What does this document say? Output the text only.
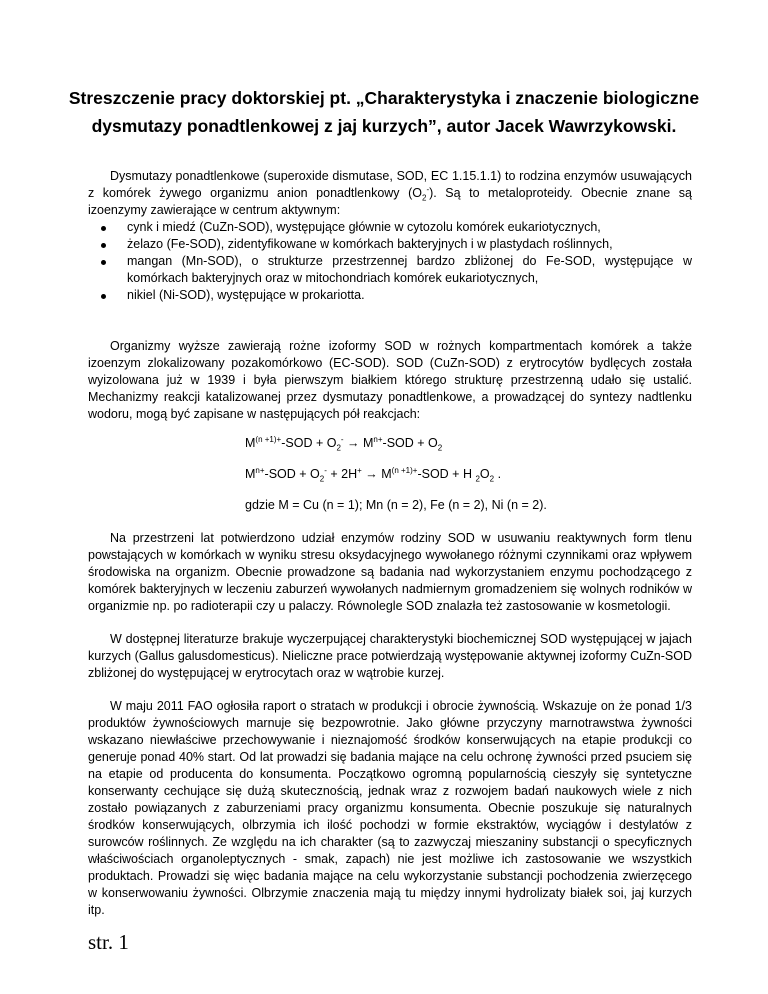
Streszczenie pracy doktorskiej pt. „Charakterystyka i znaczenie biologiczne
dysmutazy ponadtlenkowej z jaj kurzych”, autor Jacek Wawrzykowski.
Dysmutazy ponadtlenkowe (superoxide dismutase, SOD, EC 1.15.1.1) to rodzina enzymów usuwających z komórek żywego organizmu anion ponadtlenkowy $(O_2^-)$. Są to metaloproteidy. Obecnie znane są izoenzymy zawierające w centrum aktywnym:
cynk i miedź (CuZn-SOD), występujące głównie w cytozolu komórek eukariotycznych,
żelazo (Fe-SOD), zidentyfikowane w komórkach bakteryjnych i w plastydach roślinnych,
mangan (Mn-SOD), o strukturze przestrzennej bardzo zbliżonej do Fe-SOD, występujące w komórkach bakteryjnych oraz w mitochondriach komórek eukariotycznych,
nikiel (Ni-SOD), występujące w prokariotta.

Organizmy wyższe zawierają rożne izoformy SOD w rożnych kompartmentach komórek a także izoenzym zlokalizowany pozakomórkowo (EC-SOD). SOD (CuZn-SOD) z erytrocytów bydlęcych została wyizolowana już w 1939 i była pierwszym białkiem którego strukturę przestrzenną udało się ustalić. Mechanizmy reakcji katalizowanej przez dysmutazy ponadtlenkowe, a prowadzącej do syntezy nadtlenku wodoru, mogą być zapisane w następujących pół reakcjach:

$M^{(n +1)+}$-SOD + $O_2^- \to M^{n+}-SOD + O_2$
$M^{n+}$-SOD + $O_2^- + 2H^+ \to M^{(n +1)+}-SOD + H$ $_2O_2$ .
gdzie M = Cu (n = 1); Mn (n = 2), Fe (n = 2), Ni (n = 2).

Na przestrzeni lat potwierdzono udział enzymów rodziny SOD w usuwaniu reaktywnych form tlenu powstających w komórkach w wyniku stresu oksydacyjnego wywołanego różnymi czynnikami oraz wpływem środowiska na organizm. Obecnie prowadzone są badania nad wykorzystaniem enzymu pochodzącego z komórek bakteryjnych w leczeniu zaburzeń wywołanych nadmiernym gromadzeniem się wolnych rodników w organizmie np. po radioterapii czy u palaczy. Równolegle SOD znalazła też zastosowanie w kosmetologii.

W dostępnej literaturze brakuje wyczerpującej charakterystyki biochemicznej SOD występującej w jajach kurzych (Gallus galusdomesticus). Nieliczne prace potwierdzają występowanie aktywnej izoformy CuZn-SOD zbliżonej do występującej w erytrocytach oraz w wątrobie kurzej.

W maju 2011 FAO ogłosiła raport o stratach w produkcji i obrocie żywnością. Wskazuje on że ponad 1/3 produktów żywnościowych marnuje się bezpowrotnie. Jako główne przyczyny marnotrawstwa żywności wskazano niewłaściwe przechowywanie i nieznajomość środków konserwujących na etapie produkcji co generuje ponad 40% start. Od lat prowadzi się badania mające na celu ochronę żywności przed psuciem się na etapie od producenta do konsumenta. Początkowo ogromną popularnością cieszyły się syntetyczne konserwanty cechujące się dużą skutecznością, jednak wraz z rozwojem badań naukowych wiele z nich zostało powiązanych z zaburzeniami pracy organizmu konsumenta. Obecnie poszukuje się naturalnych środków konserwujących, olbrzymia ich ilość pochodzi w formie ekstraktów, wyciągów i destylatów z surowców roślinnych. Ze względu na ich charakter (są to zazwyczaj mieszaniny substancji o specyficznych właściwościach organoleptycznych - smak, zapach) nie jest możliwe ich zastosowanie we wszystkich produktach. Prowadzi się więc badania mające na celu wykorzystanie substancji pochodzenia zwierzęcego w konserwowaniu żywności. Olbrzymie znaczenia mają tu między innymi hydrolizaty białek soi, jaj kurzych itp.

str. 1
